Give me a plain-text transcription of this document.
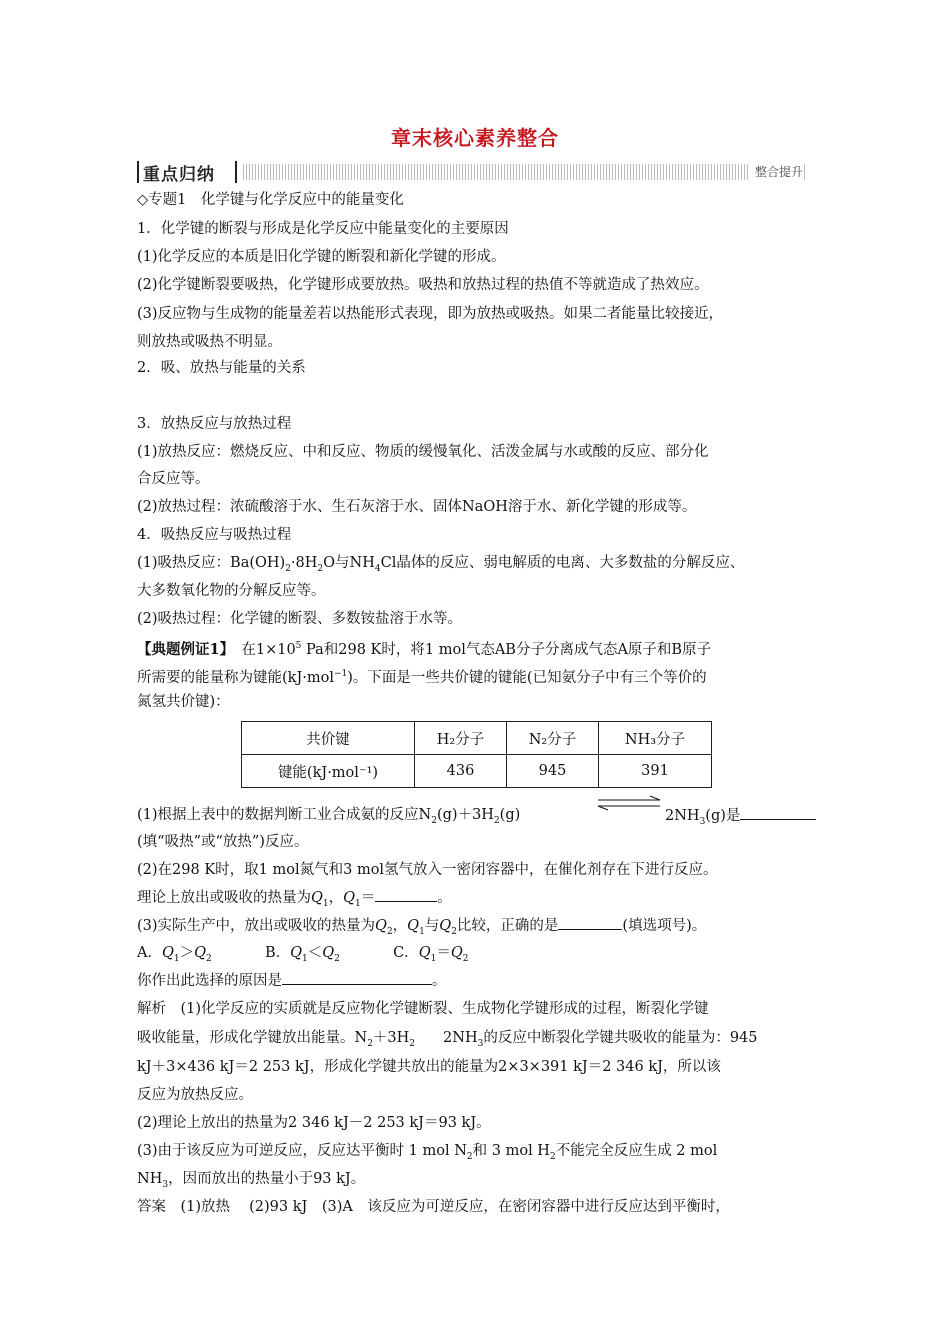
章末核心素养整合
重点归纳	整合提升
◇专题1　化学键与化学反应中的能量变化
1．化学键的断裂与形成是化学反应中能量变化的主要原因
(1)化学反应的本质是旧化学键的断裂和新化学键的形成。
(2)化学键断裂要吸热，化学键形成要放热。吸热和放热过程的热值不等就造成了热效应。
(3)反应物与生成物的能量差若以热能形式表现，即为放热或吸热。如果二者能量比较接近，
则放热或吸热不明显。
2．吸、放热与能量的关系
3．放热反应与放热过程
(1)放热反应：燃烧反应、中和反应、物质的缓慢氧化、活泼金属与水或酸的反应、部分化
合反应等。
(2)放热过程：浓硫酸溶于水、生石灰溶于水、固体NaOH溶于水、新化学键的形成等。
4．吸热反应与吸热过程
(1)吸热反应：$Ba(OH)_2\cdot 8H_2O$与$NH_4Cl$晶体的反应、弱电解质的电离、大多数盐的分解反应、
大多数氧化物的分解反应等。
(2)吸热过程：化学键的断裂、多数铵盐溶于水等。
【典题例证1】　在$1\times 10^5$ Pa和298 K时，将1 mol气态AB分子分离成气态A原子和B原子
所需要的能量称为键能(kJ·mol$^{-1}$)。下面是一些共价键的键能(已知氨分子中有三个等价的
氮氢共价键)：
共价键	H₂分子	N₂分子	NH₃分子
键能(kJ·mol⁻¹)	436	945	391
(1)根据上表中的数据判断工业合成氨的反应$N_2(g)+3H_2(g)$	$2NH_3(g)$是
(填“吸热”或“放热”)反应。
(2)在298 K时，取1 mol氮气和3 mol氢气放入一密闭容器中，在催化剂存在下进行反应。
理论上放出或吸收的热量为$Q_1$，$Q_1=$	。
(3)实际生产中，放出或吸收的热量为$Q_2$，$Q_1$与$Q_2$比较，正确的是	(填选项号)。
A．$Q_1>Q_2$	B．$Q_1<Q_2$	C．$Q_1=Q_2$
你作出此选择的原因是	。
解析　(1)化学反应的实质就是反应物化学键断裂、生成物化学键形成的过程，断裂化学键
吸收能量，形成化学键放出能量。$N_2+3H_2$ $2NH_3$的反应中断裂化学键共吸收的能量为：945
kJ＋3×436 kJ＝2 253 kJ，形成化学键共放出的能量为2×3×391 kJ＝2 346 kJ，所以该
反应为放热反应。
(2)理论上放出的热量为2 346 kJ－2 253 kJ＝93 kJ。
(3)由于该反应为可逆反应，反应达平衡时 1 mol $N_2$和 3 mol $H_2$不能完全反应生成 2 mol
$NH_3$，因而放出的热量小于93 kJ。
答案　(1)放热　 (2)93 kJ　(3)A　该反应为可逆反应，在密闭容器中进行反应达到平衡时，
